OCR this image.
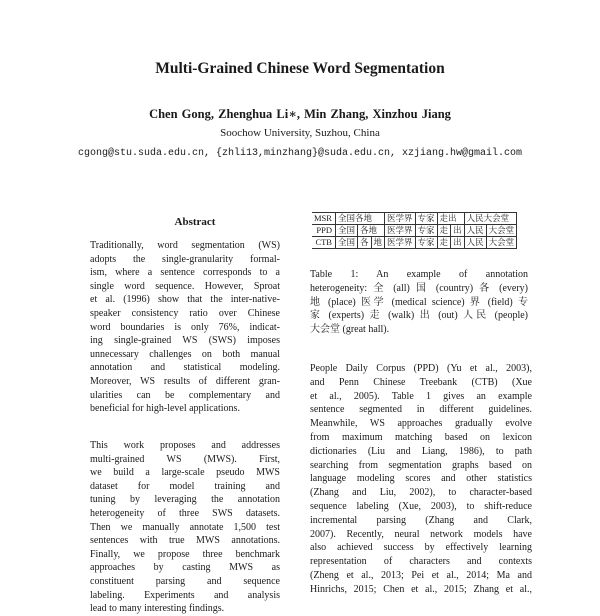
Multi-Grained Chinese Word Segmentation
Chen Gong, Zhenghua Li∗, Min Zhang, Xinzhou Jiang
Soochow University, Suzhou, China
cgong@stu.suda.edu.cn, {zhli13,minzhang}@suda.edu.cn, xzjiang.hw@gmail.com
Abstract
Traditionally, word segmentation (WS)
adopts the single-granularity formal-
ism, where a sentence corresponds to a
single word sequence. However, Sproat
et al. (1996) show that the inter-native-
speaker consistency ratio over Chinese
word boundaries is only 76%, indicat-
ing single-grained WS (SWS) imposes
unnecessary challenges on both manual
annotation and statistical modeling.
Moreover, WS results of different gran-
ularities can be complementary and
beneficial for high-level applications.
This work proposes and addresses
multi-grained WS (MWS). First,
we build a large-scale pseudo MWS
dataset for model training and
tuning by leveraging the annotation
heterogeneity of three SWS datasets.
Then we manually annotate 1,500 test
sentences with true MWS annotations.
Finally, we propose three benchmark
approaches by casting MWS as
constituent parsing and sequence
labeling. Experiments and analysis
lead to many interesting findings.
MSR	全国各地			医学界	专家	走出		人民大会堂	
PPD	全国	各地		医学界	专家	走	出	人民	大会堂
CTB	全国	各	地	医学界	专家	走	出	人民	大会堂
Table 1: An example of annotation
heterogeneity: 全 (all) 国 (country) 各 (every)
地 (place) 医学 (medical science) 界 (field) 专
家 (experts) 走 (walk) 出 (out) 人民 (people)
大会堂 (great hall).
People Daily Corpus (PPD) (Yu et al., 2003),
and Penn Chinese Treebank (CTB) (Xue
et al., 2005). Table 1 gives an example
sentence segmented in different guidelines.
Meanwhile, WS approaches gradually evolve
from maximum matching based on lexicon
dictionaries (Liu and Liang, 1986), to path
searching from segmentation graphs based on
language modeling scores and other statistics
(Zhang and Liu, 2002), to character-based
sequence labeling (Xue, 2003), to shift-reduce
incremental parsing (Zhang and Clark,
2007). Recently, neural network models have
also achieved success by effectively learning
representation of characters and contexts
(Zheng et al., 2013; Pei et al., 2014; Ma and
Hinrichs, 2015; Chen et al., 2015; Zhang et al.,
